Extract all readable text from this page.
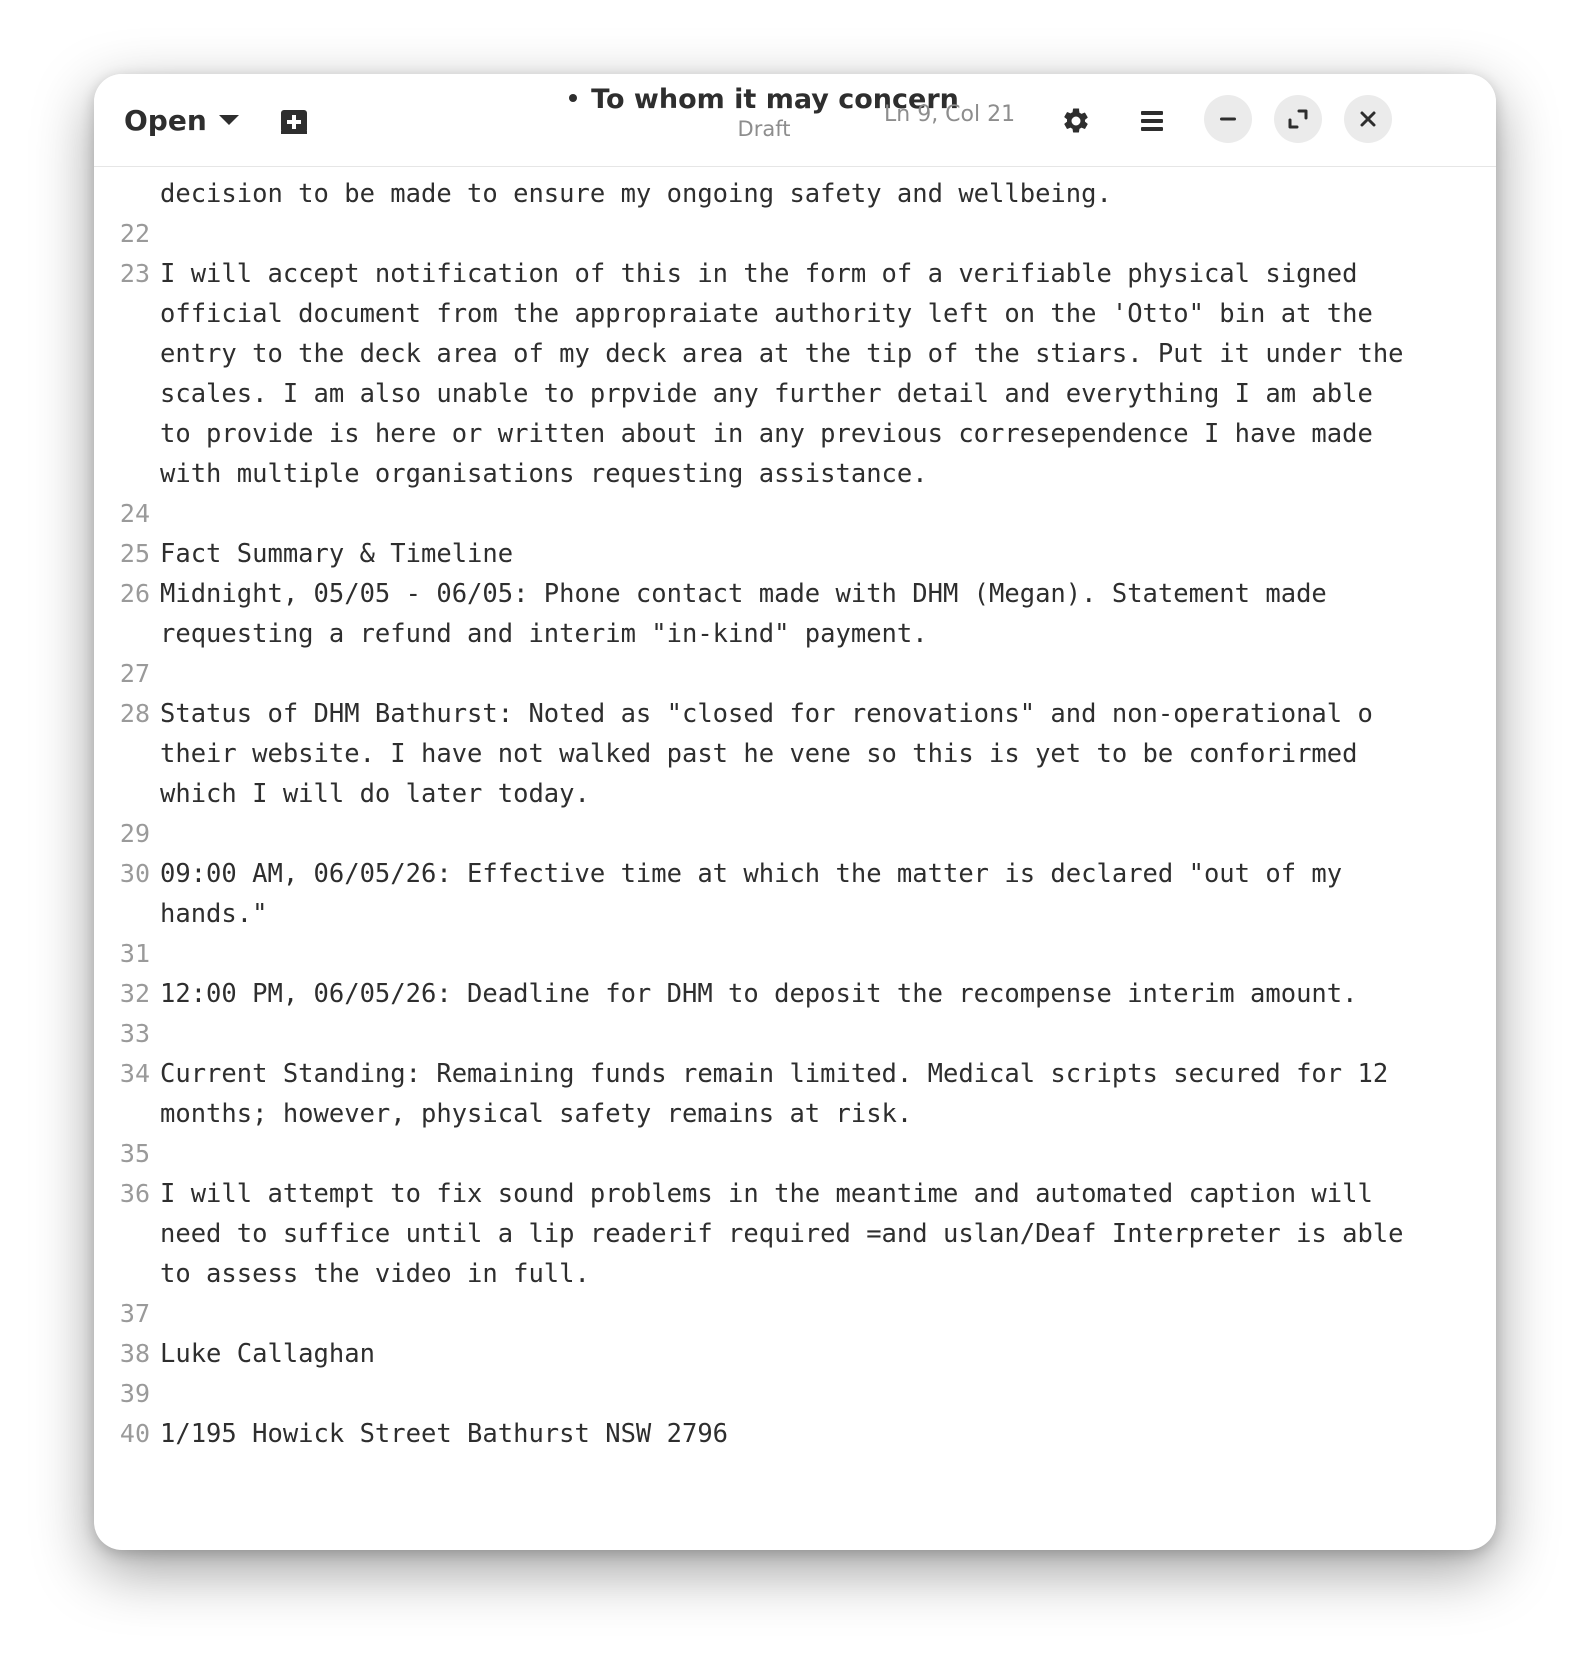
Open
To whom it may concern
Draft
Ln 9, Col 21
decision to be made to ensure my ongoing safety and wellbeing.
22
23 I will accept notification of this in the form of a verifiable physical signed
official document from the appropraiate authority left on the 'Otto" bin at the
entry to the deck area of my deck area at the tip of the stiars. Put it under the
scales. I am also unable to prpvide any further detail and everything I am able
to provide is here or written about in any previous corresependence I have made
with multiple organisations requesting assistance.
24
25 Fact Summary & Timeline
26 Midnight, 05/05 - 06/05: Phone contact made with DHM (Megan). Statement made
requesting a refund and interim "in-kind" payment.
27
28 Status of DHM Bathurst: Noted as "closed for renovations" and non-operational o
their website. I have not walked past he vene so this is yet to be conforirmed
which I will do later today.
29
30 09:00 AM, 06/05/26: Effective time at which the matter is declared "out of my
hands."
31
32 12:00 PM, 06/05/26: Deadline for DHM to deposit the recompense interim amount.
33
34 Current Standing: Remaining funds remain limited. Medical scripts secured for 12
months; however, physical safety remains at risk.
35
36 I will attempt to fix sound problems in the meantime and automated caption will
need to suffice until a lip readerif required =and uslan/Deaf Interpreter is able
to assess the video in full.
37
38 Luke Callaghan
39
40 1/195 Howick Street Bathurst NSW 2796
